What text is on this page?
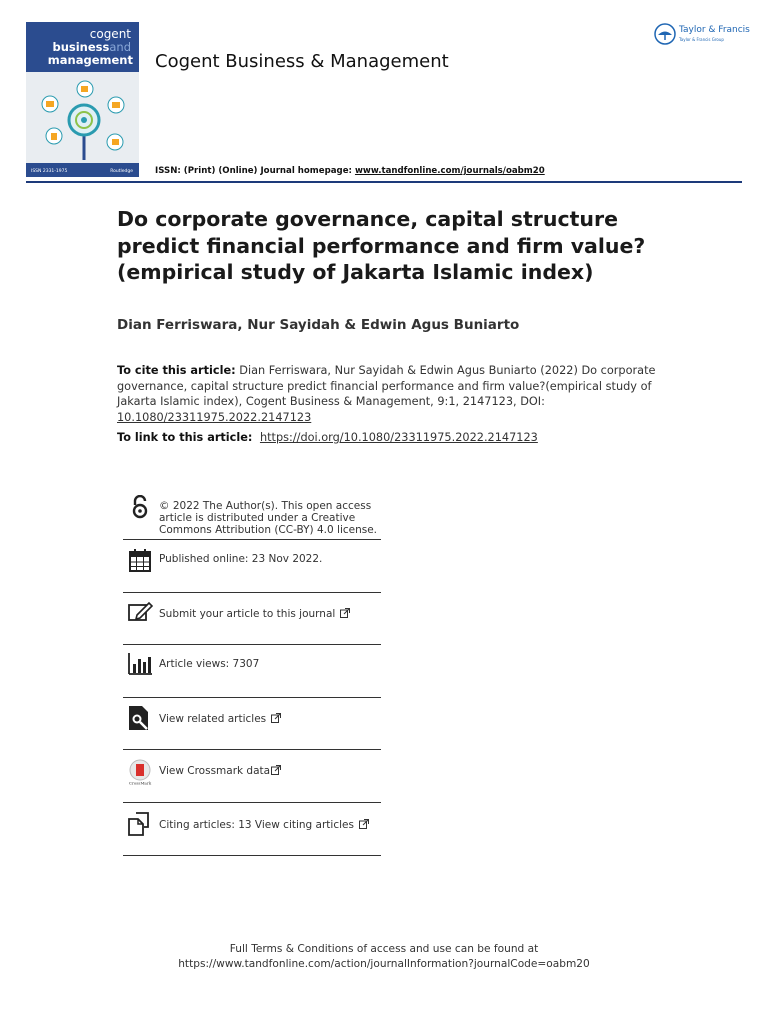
cogent
businessand
management
ISSN 2331-1975	Routledge
Cogent Business & Management
Taylor & Francis
Taylor & Francis Group
ISSN: (Print) (Online) Journal homepage: www.tandfonline.com/journals/oabm20
Do corporate governance, capital structure predict financial performance and firm value?(empirical study of Jakarta Islamic index)
Dian Ferriswara, Nur Sayidah & Edwin Agus Buniarto
To cite this article: Dian Ferriswara, Nur Sayidah & Edwin Agus Buniarto (2022) Do corporate governance, capital structure predict financial performance and firm value?(empirical study of Jakarta Islamic index), Cogent Business & Management, 9:1, 2147123, DOI: 10.1080/23311975.2022.2147123
To link to this article:  https://doi.org/10.1080/23311975.2022.2147123
© 2022 The Author(s). This open access article is distributed under a Creative Commons Attribution (CC-BY) 4.0 license.
Published online: 23 Nov 2022.
Submit your article to this journal
Article views: 7307
View related articles
CrossMark
View Crossmark data
Citing articles: 13 View citing articles
Full Terms & Conditions of access and use can be found at
https://www.tandfonline.com/action/journalInformation?journalCode=oabm20
